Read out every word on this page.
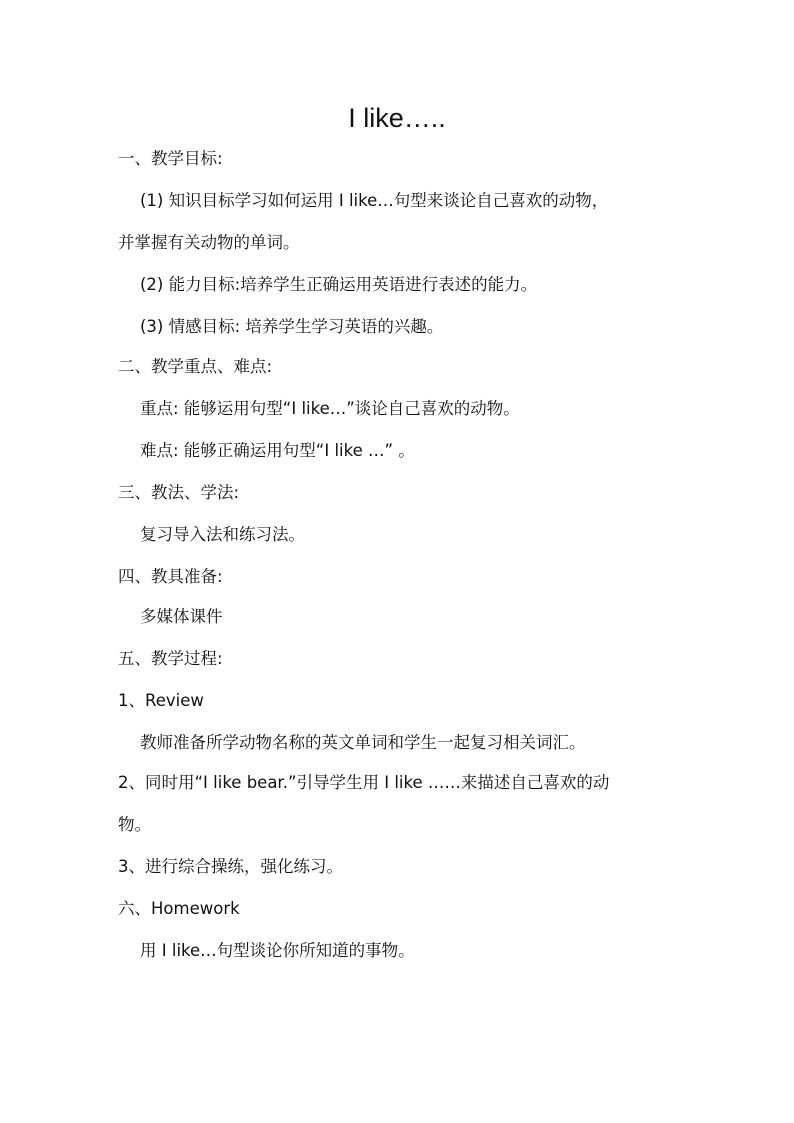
I like…..
一、教学目标:
(1) 知识目标学习如何运用 I like…句型来谈论自己喜欢的动物，
并掌握有关动物的单词。
(2) 能力目标:培养学生正确运用英语进行表述的能力。
(3) 情感目标: 培养学生学习英语的兴趣。
二、教学重点、难点:
重点: 能够运用句型“I like…”谈论自己喜欢的动物。
难点: 能够正确运用句型“I like …” 。
三、教法、学法:
复习导入法和练习法。
四、教具准备:
多媒体课件
五、教学过程:
1、Review
教师准备所学动物名称的英文单词和学生一起复习相关词汇。
2、同时用“I like bear.”引导学生用 I like ……来描述自己喜欢的动
物。
3、进行综合操练，强化练习。
六、Homework
用 I like…句型谈论你所知道的事物。
